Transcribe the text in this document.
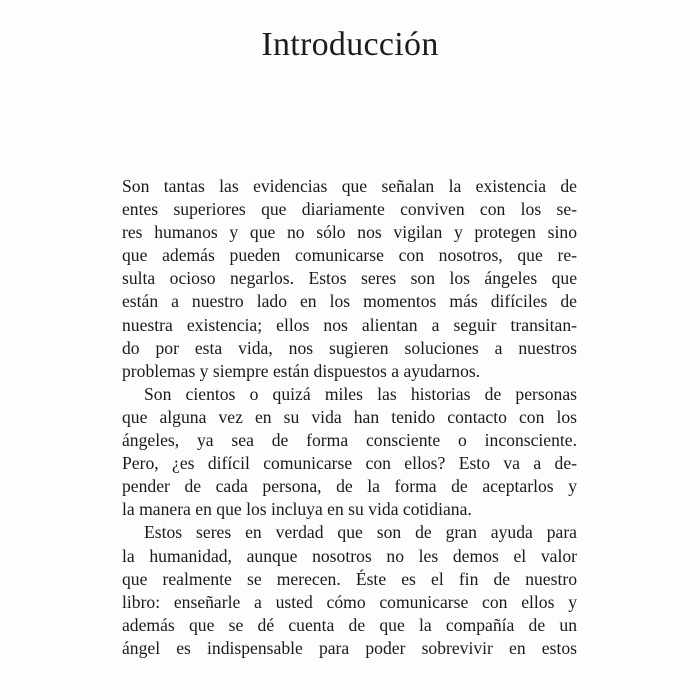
Introducción
Son tantas las evidencias que señalan la existencia de
entes superiores que diariamente conviven con los se-
res humanos y que no sólo nos vigilan y protegen sino
que además pueden comunicarse con nosotros, que re-
sulta ocioso negarlos. Estos seres son los ángeles que
están a nuestro lado en los momentos más difíciles de
nuestra existencia; ellos nos alientan a seguir transitan-
do por esta vida, nos sugieren soluciones a nuestros
problemas y siempre están dispuestos a ayudarnos.
Son cientos o quizá miles las historias de personas
que alguna vez en su vida han tenido contacto con los
ángeles, ya sea de forma consciente o inconsciente.
Pero, ¿es difícil comunicarse con ellos? Esto va a de-
pender de cada persona, de la forma de aceptarlos y
la manera en que los incluya en su vida cotidiana.
Estos seres en verdad que son de gran ayuda para
la humanidad, aunque nosotros no les demos el valor
que realmente se merecen. Éste es el fin de nuestro
libro: enseñarle a usted cómo comunicarse con ellos y
además que se dé cuenta de que la compañía de un
ángel es indispensable para poder sobrevivir en estos
